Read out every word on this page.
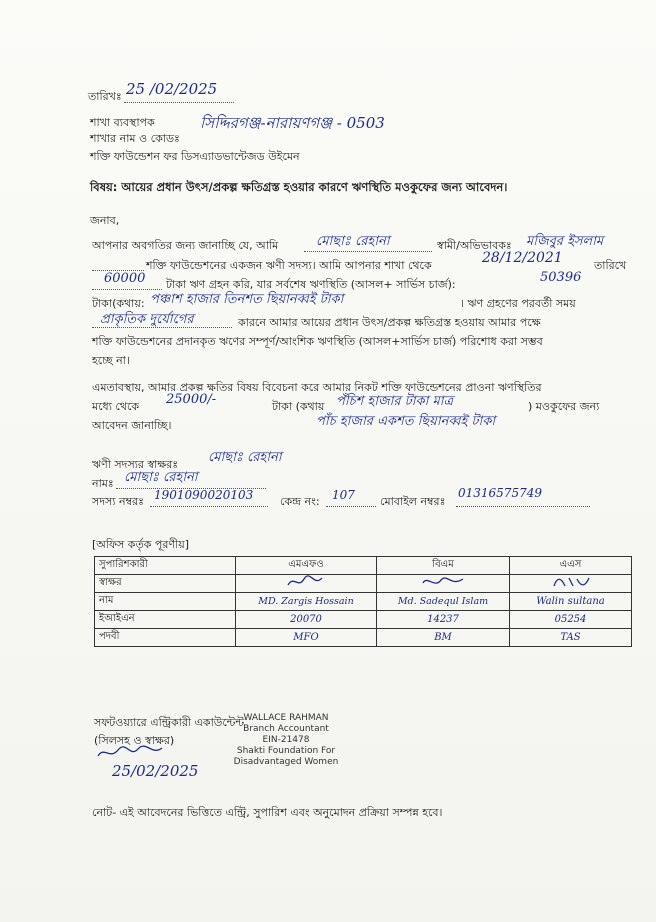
তারিখঃ 25 /02/2025
শাখা ব্যবস্থাপক
শাখার নাম ও কোডঃ
সিদ্দিরগঞ্জ-নারায়ণগঞ্জ - 0503
শক্তি ফাউন্ডেশন ফর ডিসএ্যাডভান্টেজড উইমেন
বিষয়: আয়ের প্রধান উৎস/প্রকল্প ক্ষতিগ্রস্ত হওয়ার কারণে ঋণস্থিতি মওকুফের জন্য আবেদন।
জনাব,
আপনার অবগতির জন্য জানাচ্ছি যে, আমি	মোছাঃ রেহানা	স্বামী/অভিভাবকঃ মজিবুর ইসলাম
শক্তি ফাউন্ডেশনের একজন ঋণী সদস্য। আমি আপনার শাখা থেকে	28/12/2021	তারিখে
60000 টাকা ঋণ গ্রহন করি, যার সর্বশেষ ঋণস্থিতি (আসল+ সার্ভিস চার্জ):	50396
টাকা(কথায়: পঞ্চাশ হাজার তিনশত ছিয়ানব্বই টাকা	। ঋণ গ্রহণের পরবর্তী সময়
প্রাকৃতিক দুর্যোগের	কারনে আমার আয়ের প্রধান উৎস/প্রকল্প ক্ষতিগ্রস্ত হওয়ায় আমার পক্ষে
শক্তি ফাউন্ডেশনের প্রদানকৃত ঋণের সম্পূর্ণ/আংশিক ঋণস্থিতি (আসল+সার্ভিস চার্জ) পরিশোধ করা সম্ভব
হচ্ছে না।
এমতাবস্থায়, আমার প্রকল্প ক্ষতির বিষয় বিবেচনা করে আমার নিকট শক্তি ফাউন্ডেশনের প্রাওনা ঋণস্থিতির
মধ্যে থেকে 25000/-	টাকা (কথায় পঁচিশ হাজার টাকা মাত্র	) মওকুফের জন্য
আবেদন জানাচ্ছি।	পাঁচ হাজার একশত ছিয়ানব্বই টাকা
ঋণী সদস্যর স্বাক্ষরঃ মোছাঃ রেহানা
নামঃ মোছাঃ রেহানা
সদস্য নম্বরঃ 1901090020103 কেন্দ্র নং: 107 মোবাইল নম্বরঃ
01316575749
[অফিস কর্তৃক পূরণীয়]
সুপারিশকারী	এমএফও	বিএম	এএস
স্বাক্ষর			
নাম	MD. Zargis Hossain	Md. Sadequl Islam	Walin sultana
ইআইএন	20070	14237	05254
পদবী	MFO	BM	TAS
সফটওয়্যারে এন্ট্রিকারী একাউন্টেন্ট
(সিলসহ ও স্বাক্ষর)
WALLACE RAHMAN
Branch Accountant
EIN-21478
Shakti Foundation For
Disadvantaged Women
25/02/2025
নোট- এই আবেদনের ভিত্তিতে এন্ট্রি, সুপারিশ এবং অনুমোদন প্রক্রিয়া সম্পন্ন হবে।
